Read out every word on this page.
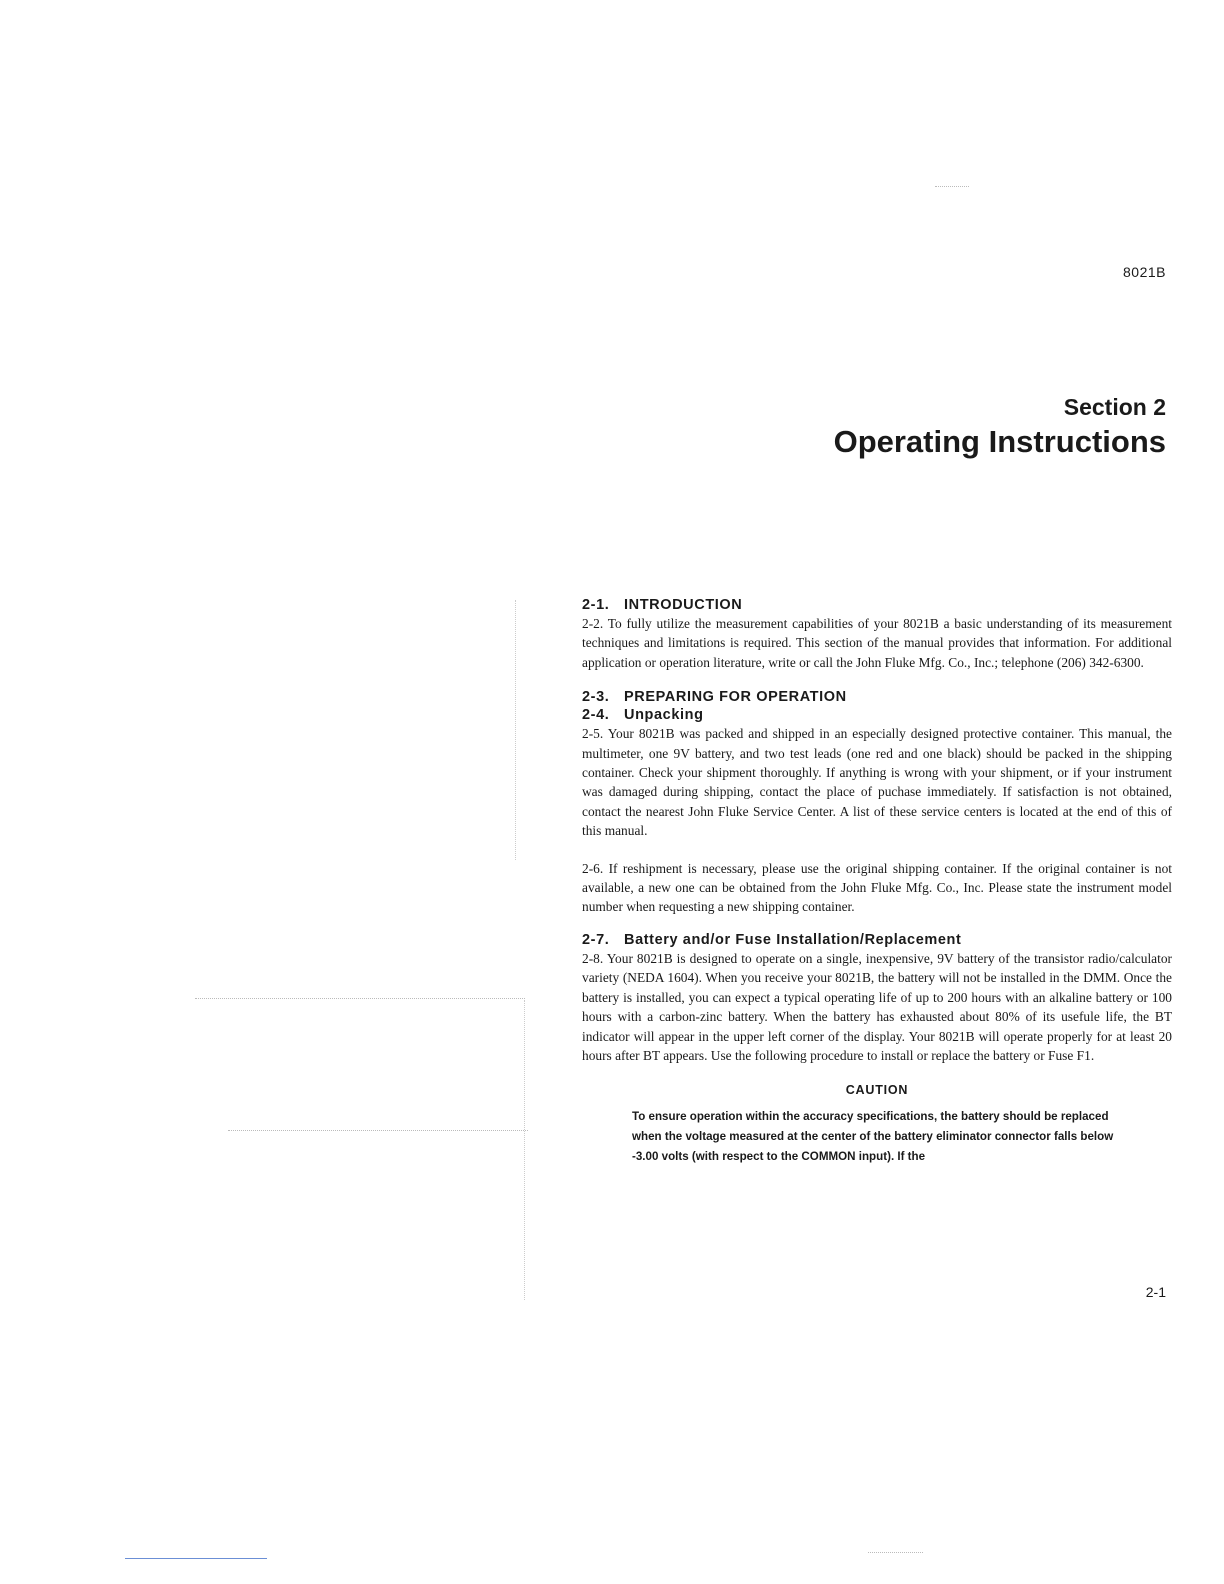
8021B
Section 2
Operating Instructions
2-1. INTRODUCTION

2-2. To fully utilize the measurement capabilities of your 8021B a basic understanding of its measurement techniques and limitations is required. This section of the manual provides that information. For additional application or operation literature, write or call the John Fluke Mfg. Co., Inc.; telephone (206) 342-6300.

2-3. PREPARING FOR OPERATION
2-4. Unpacking

2-5. Your 8021B was packed and shipped in an especially designed protective container. This manual, the multimeter, one 9V battery, and two test leads (one red and one black) should be packed in the shipping container. Check your shipment thoroughly. If anything is wrong with your shipment, or if your instrument was damaged during shipping, contact the place of puchase immediately. If satisfaction is not obtained, contact the nearest John Fluke Service Center. A list of these service centers is located at the end of this of this manual.

2-6. If reshipment is necessary, please use the original shipping container. If the original container is not available, a new one can be obtained from the John Fluke Mfg. Co., Inc. Please state the instrument model number when requesting a new shipping container.

2-7. Battery and/or Fuse Installation/Replacement

2-8. Your 8021B is designed to operate on a single, inexpensive, 9V battery of the transistor radio/calculator variety (NEDA 1604). When you receive your 8021B, the battery will not be installed in the DMM. Once the battery is installed, you can expect a typical operating life of up to 200 hours with an alkaline battery or 100 hours with a carbon-zinc battery. When the battery has exhausted about 80% of its usefule life, the BT indicator will appear in the upper left corner of the display. Your 8021B will operate properly for at least 20 hours after BT appears. Use the following procedure to install or replace the battery or Fuse F1.

CAUTION

To ensure operation within the accuracy specifications, the battery should be replaced when the voltage measured at the center of the battery eliminator connector falls below -3.00 volts (with respect to the COMMON input). If the

2-1
